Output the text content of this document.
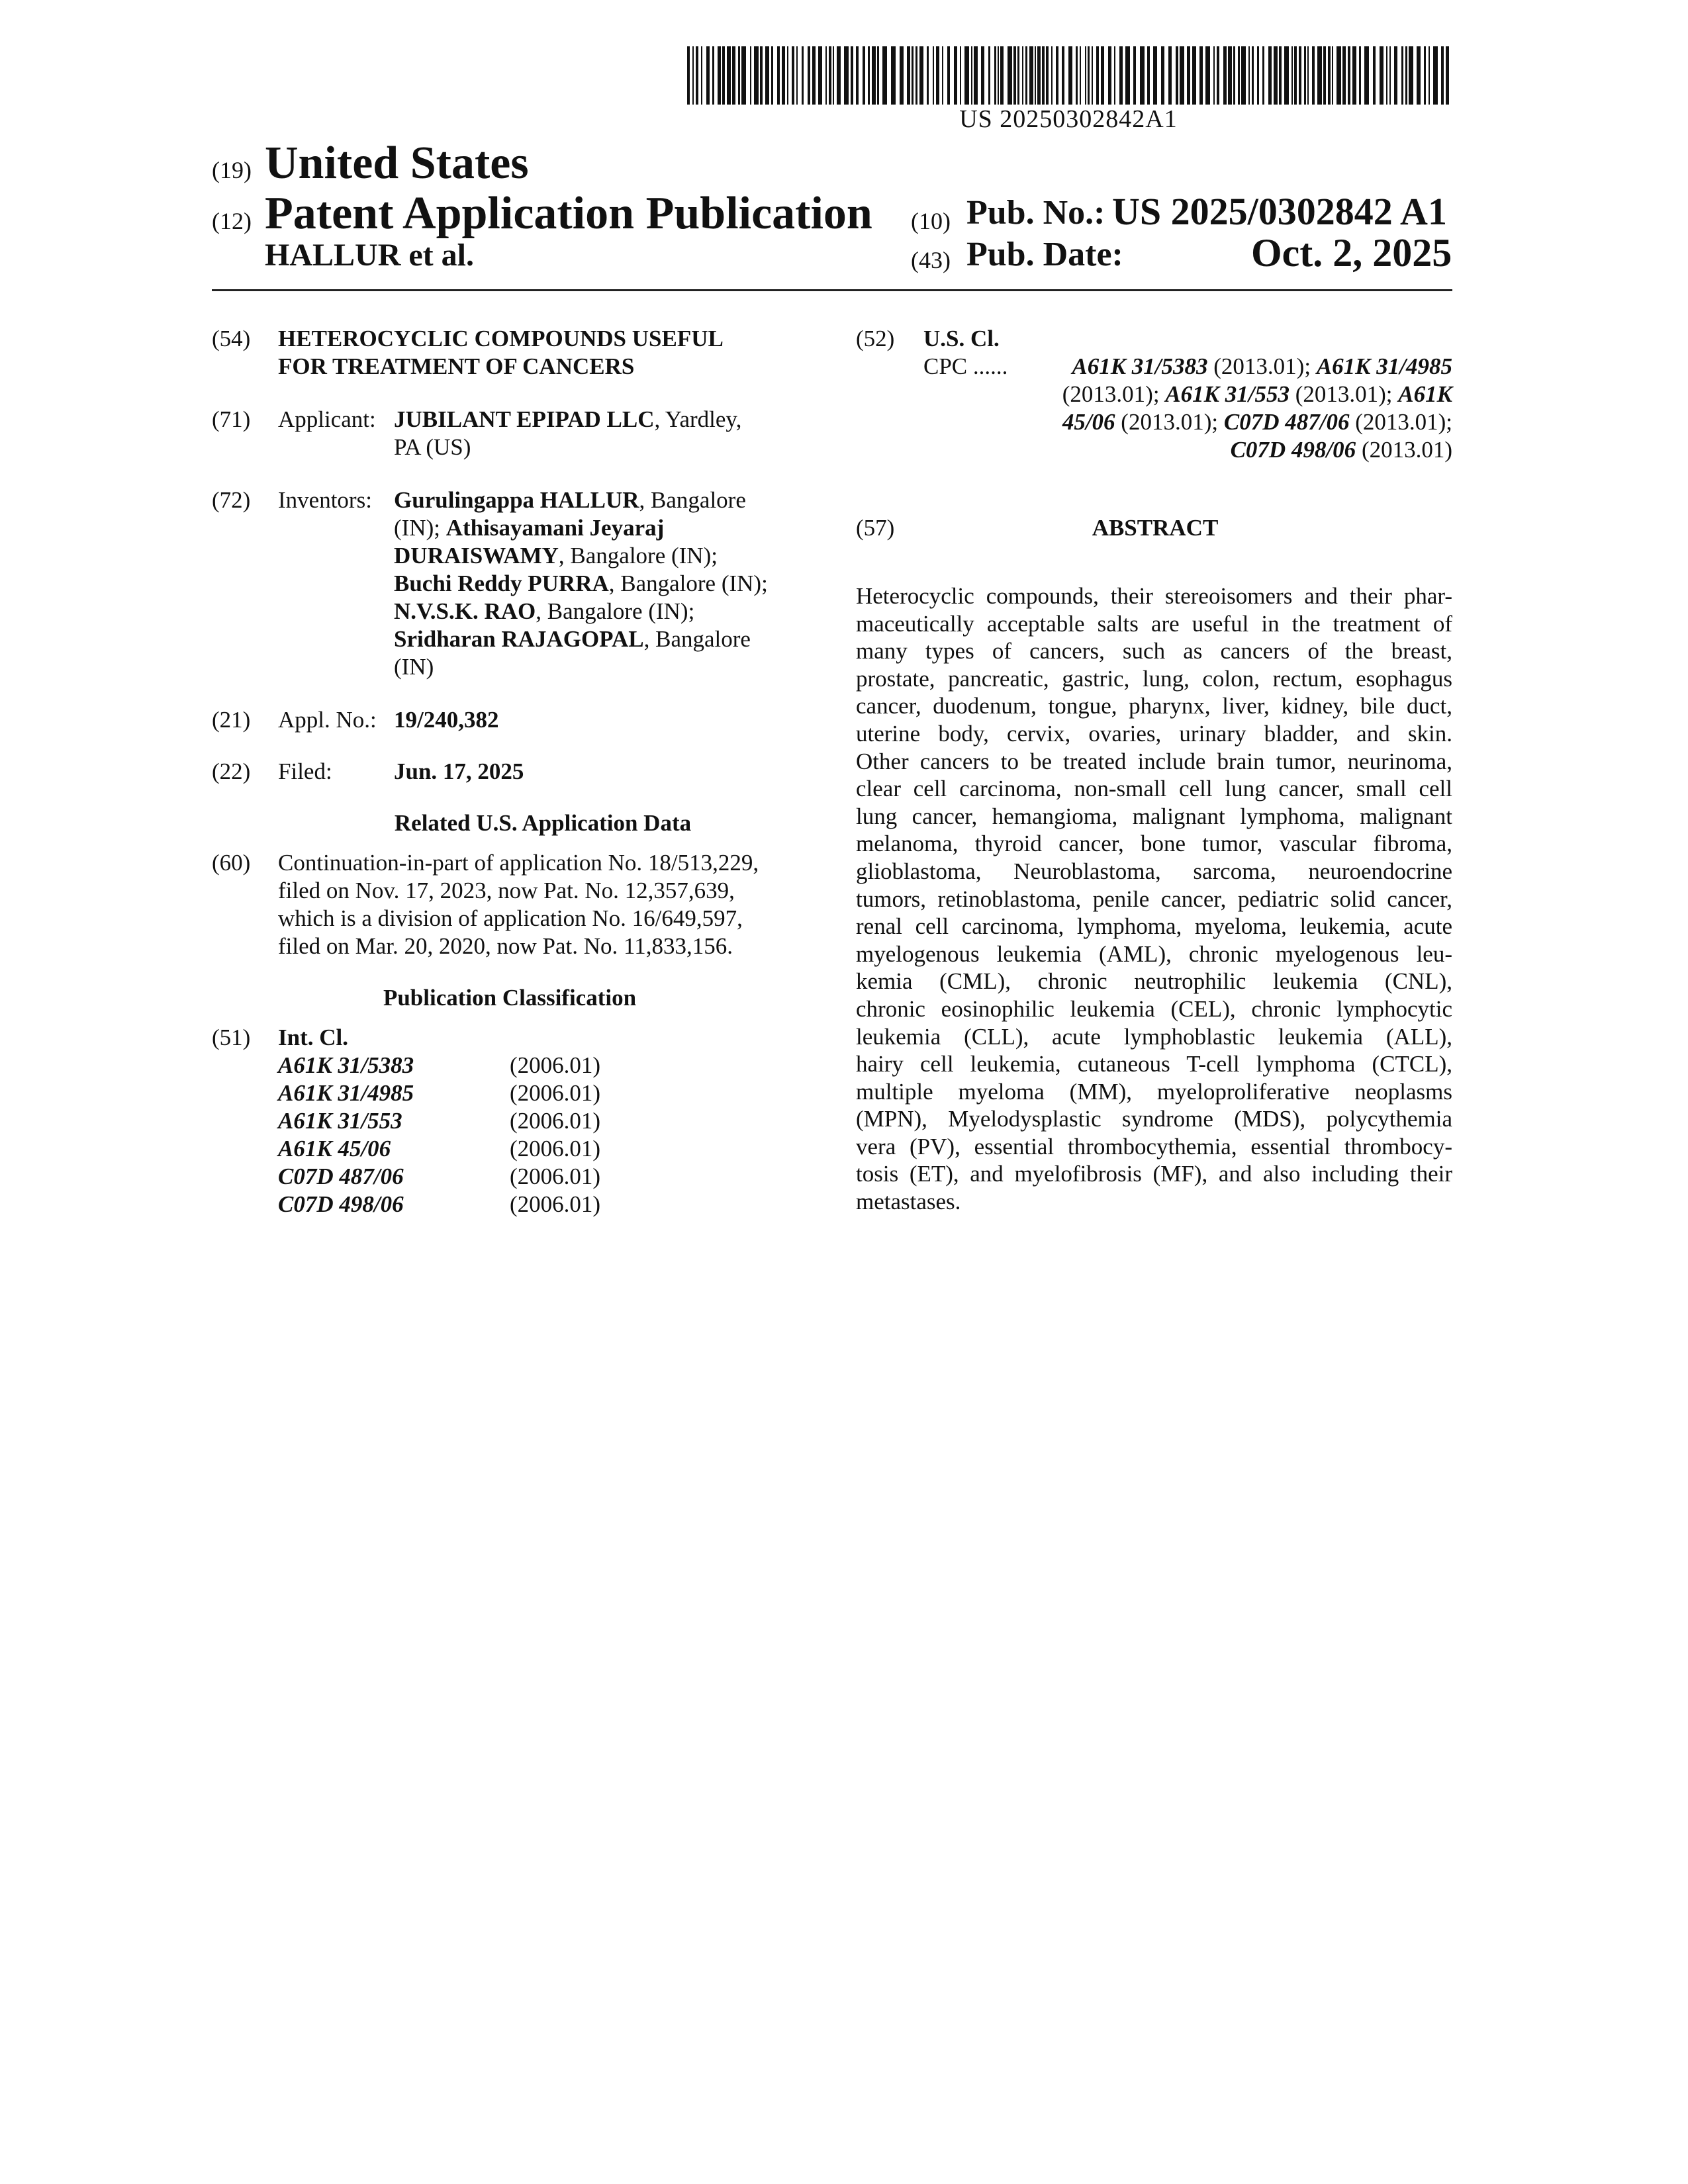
US 20250302842A1
(19) United States
(12) Patent Application Publication
HALLUR et al.
(10) Pub. No.: US 2025/0302842 A1
(43) Pub. Date:	Oct. 2, 2025
(54) HETEROCYCLIC COMPOUNDS USEFUL
FOR TREATMENT OF CANCERS
(71) Applicant: JUBILANT EPIPAD LLC, Yardley,
PA (US)
(72) Inventors: Gurulingappa HALLUR, Bangalore
(IN); Athisayamani Jeyaraj
DURAISWAMY, Bangalore (IN);
Buchi Reddy PURRA, Bangalore (IN);
N.V.S.K. RAO, Bangalore (IN);
Sridharan RAJAGOPAL, Bangalore
(IN)
(21) Appl. No.: 19/240,382
(22) Filed:	Jun. 17, 2025
Related U.S. Application Data
(60) Continuation-in-part of application No. 18/513,229,
filed on Nov. 17, 2023, now Pat. No. 12,357,639,
which is a division of application No. 16/649,597,
filed on Mar. 20, 2020, now Pat. No. 11,833,156.
Publication Classification
(51) Int. Cl.
A61K 31/5383	(2006.01)
A61K 31/4985	(2006.01)
A61K 31/553	(2006.01)
A61K 45/06	(2006.01)
C07D 487/06	(2006.01)
C07D 498/06	(2006.01)
(52) U.S. Cl.
CPC ......	A61K 31/5383 (2013.01); A61K 31/4985
(2013.01); A61K 31/553 (2013.01); A61K
45/06 (2013.01); C07D 487/06 (2013.01);
C07D 498/06 (2013.01)
(57)	ABSTRACT
Heterocyclic compounds, their stereoisomers and their phar-
maceutically acceptable salts are useful in the treatment of
many types of cancers, such as cancers of the breast,
prostate, pancreatic, gastric, lung, colon, rectum, esophagus
cancer, duodenum, tongue, pharynx, liver, kidney, bile duct,
uterine body, cervix, ovaries, urinary bladder, and skin.
Other cancers to be treated include brain tumor, neurinoma,
clear cell carcinoma, non-small cell lung cancer, small cell
lung cancer, hemangioma, malignant lymphoma, malignant
melanoma, thyroid cancer, bone tumor, vascular fibroma,
glioblastoma, Neuroblastoma, sarcoma, neuroendocrine
tumors, retinoblastoma, penile cancer, pediatric solid cancer,
renal cell carcinoma, lymphoma, myeloma, leukemia, acute
myelogenous leukemia (AML), chronic myelogenous leu-
kemia (CML), chronic neutrophilic leukemia (CNL),
chronic eosinophilic leukemia (CEL), chronic lymphocytic
leukemia (CLL), acute lymphoblastic leukemia (ALL),
hairy cell leukemia, cutaneous T-cell lymphoma (CTCL),
multiple myeloma (MM), myeloproliferative neoplasms
(MPN), Myelodysplastic syndrome (MDS), polycythemia
vera (PV), essential thrombocythemia, essential thrombocy-
tosis (ET), and myelofibrosis (MF), and also including their
metastases.
